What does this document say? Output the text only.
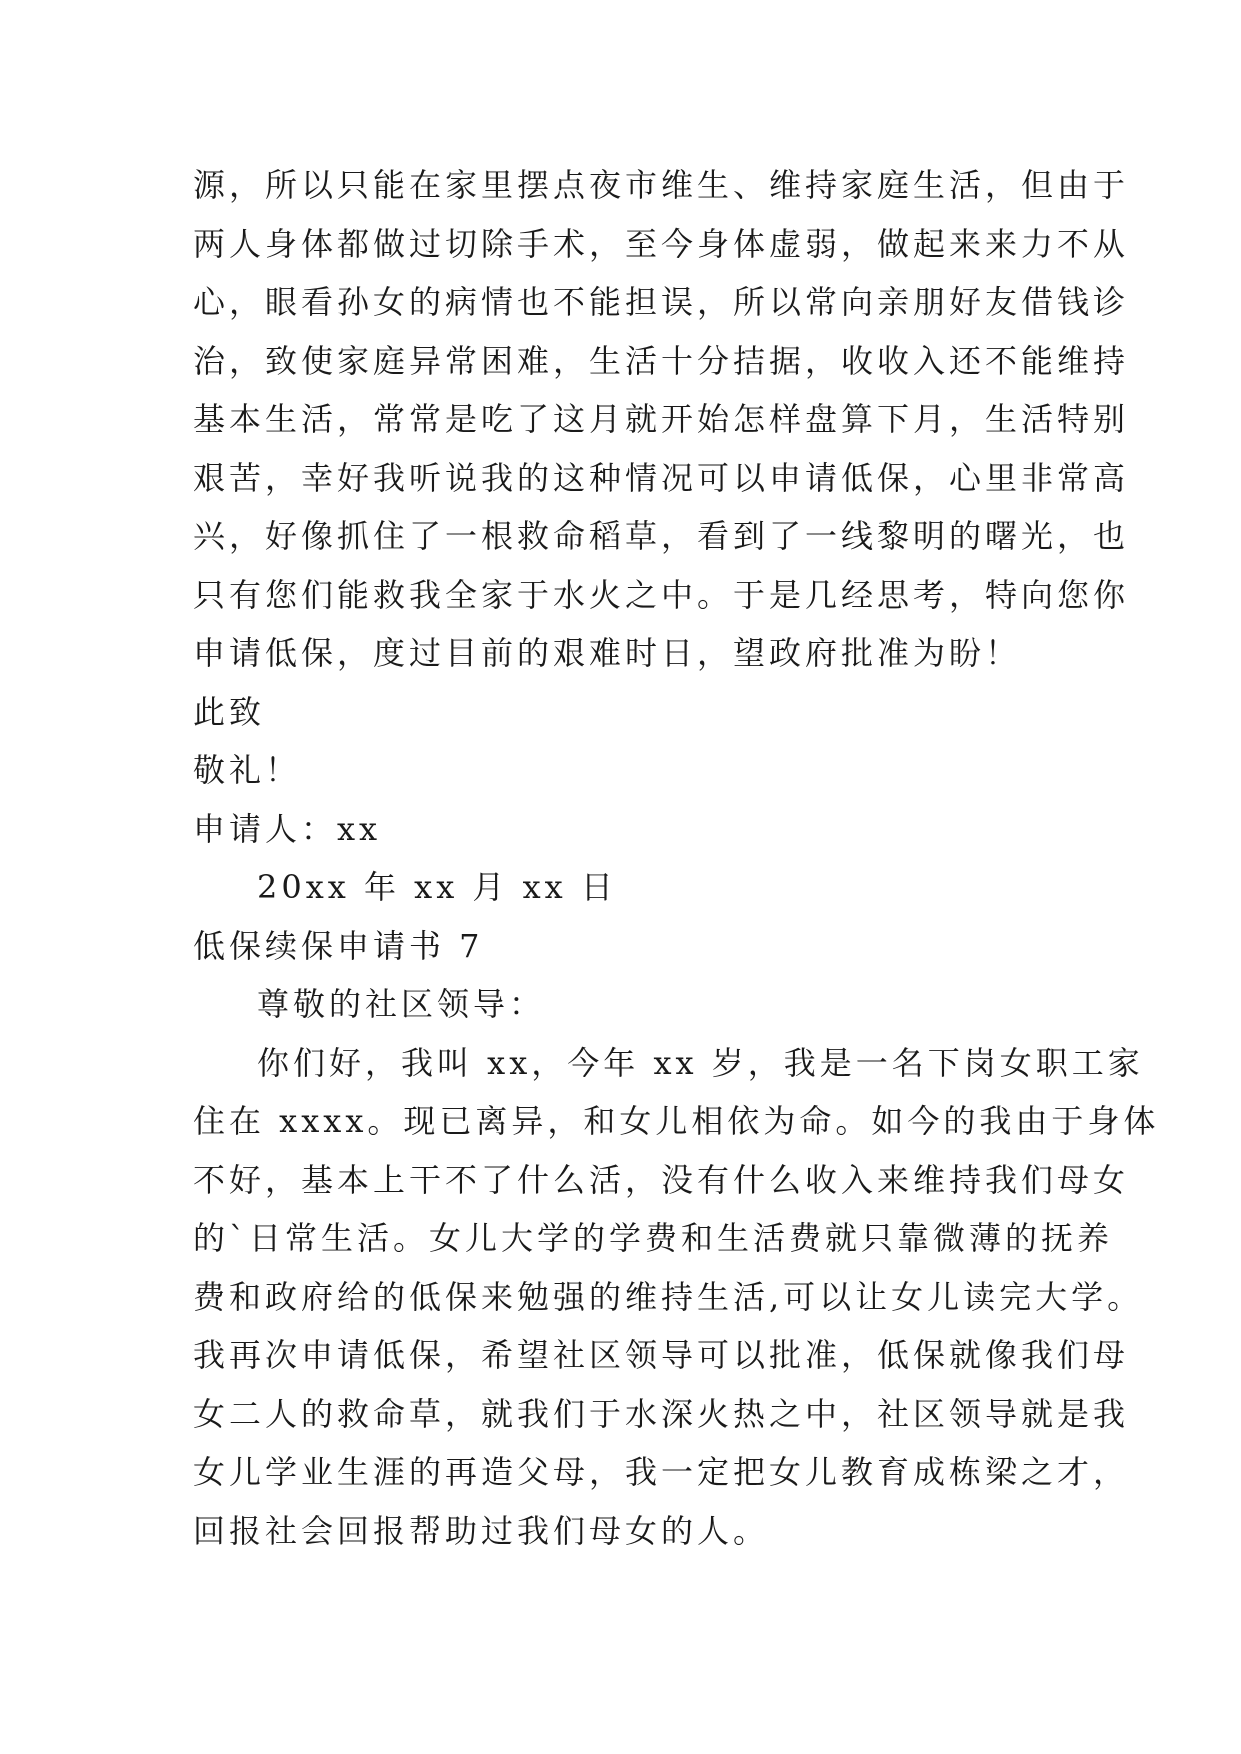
源，所以只能在家里摆点夜市维生、维持家庭生活，但由于
两人身体都做过切除手术，至今身体虚弱，做起来来力不从
心，眼看孙女的病情也不能担误，所以常向亲朋好友借钱诊
治，致使家庭异常困难，生活十分拮据，收收入还不能维持
基本生活，常常是吃了这月就开始怎样盘算下月，生活特别
艰苦，幸好我听说我的这种情况可以申请低保，心里非常高
兴，好像抓住了一根救命稻草，看到了一线黎明的曙光，也
只有您们能救我全家于水火之中。于是几经思考，特向您你
申请低保，度过目前的艰难时日，望政府批准为盼！
此致
敬礼！
申请人：xx
20xx 年 xx 月 xx 日
低保续保申请书 7
尊敬的社区领导：
你们好，我叫 xx，今年 xx 岁，我是一名下岗女职工家
住在 xxxx。现已离异，和女儿相依为命。如今的我由于身体
不好，基本上干不了什么活，没有什么收入来维持我们母女
的`日常生活。女儿大学的学费和生活费就只靠微薄的抚养
费和政府给的低保来勉强的维持生活,可以让女儿读完大学。
我再次申请低保，希望社区领导可以批准，低保就像我们母
女二人的救命草，就我们于水深火热之中，社区领导就是我
女儿学业生涯的再造父母，我一定把女儿教育成栋梁之才，
回报社会回报帮助过我们母女的人。
